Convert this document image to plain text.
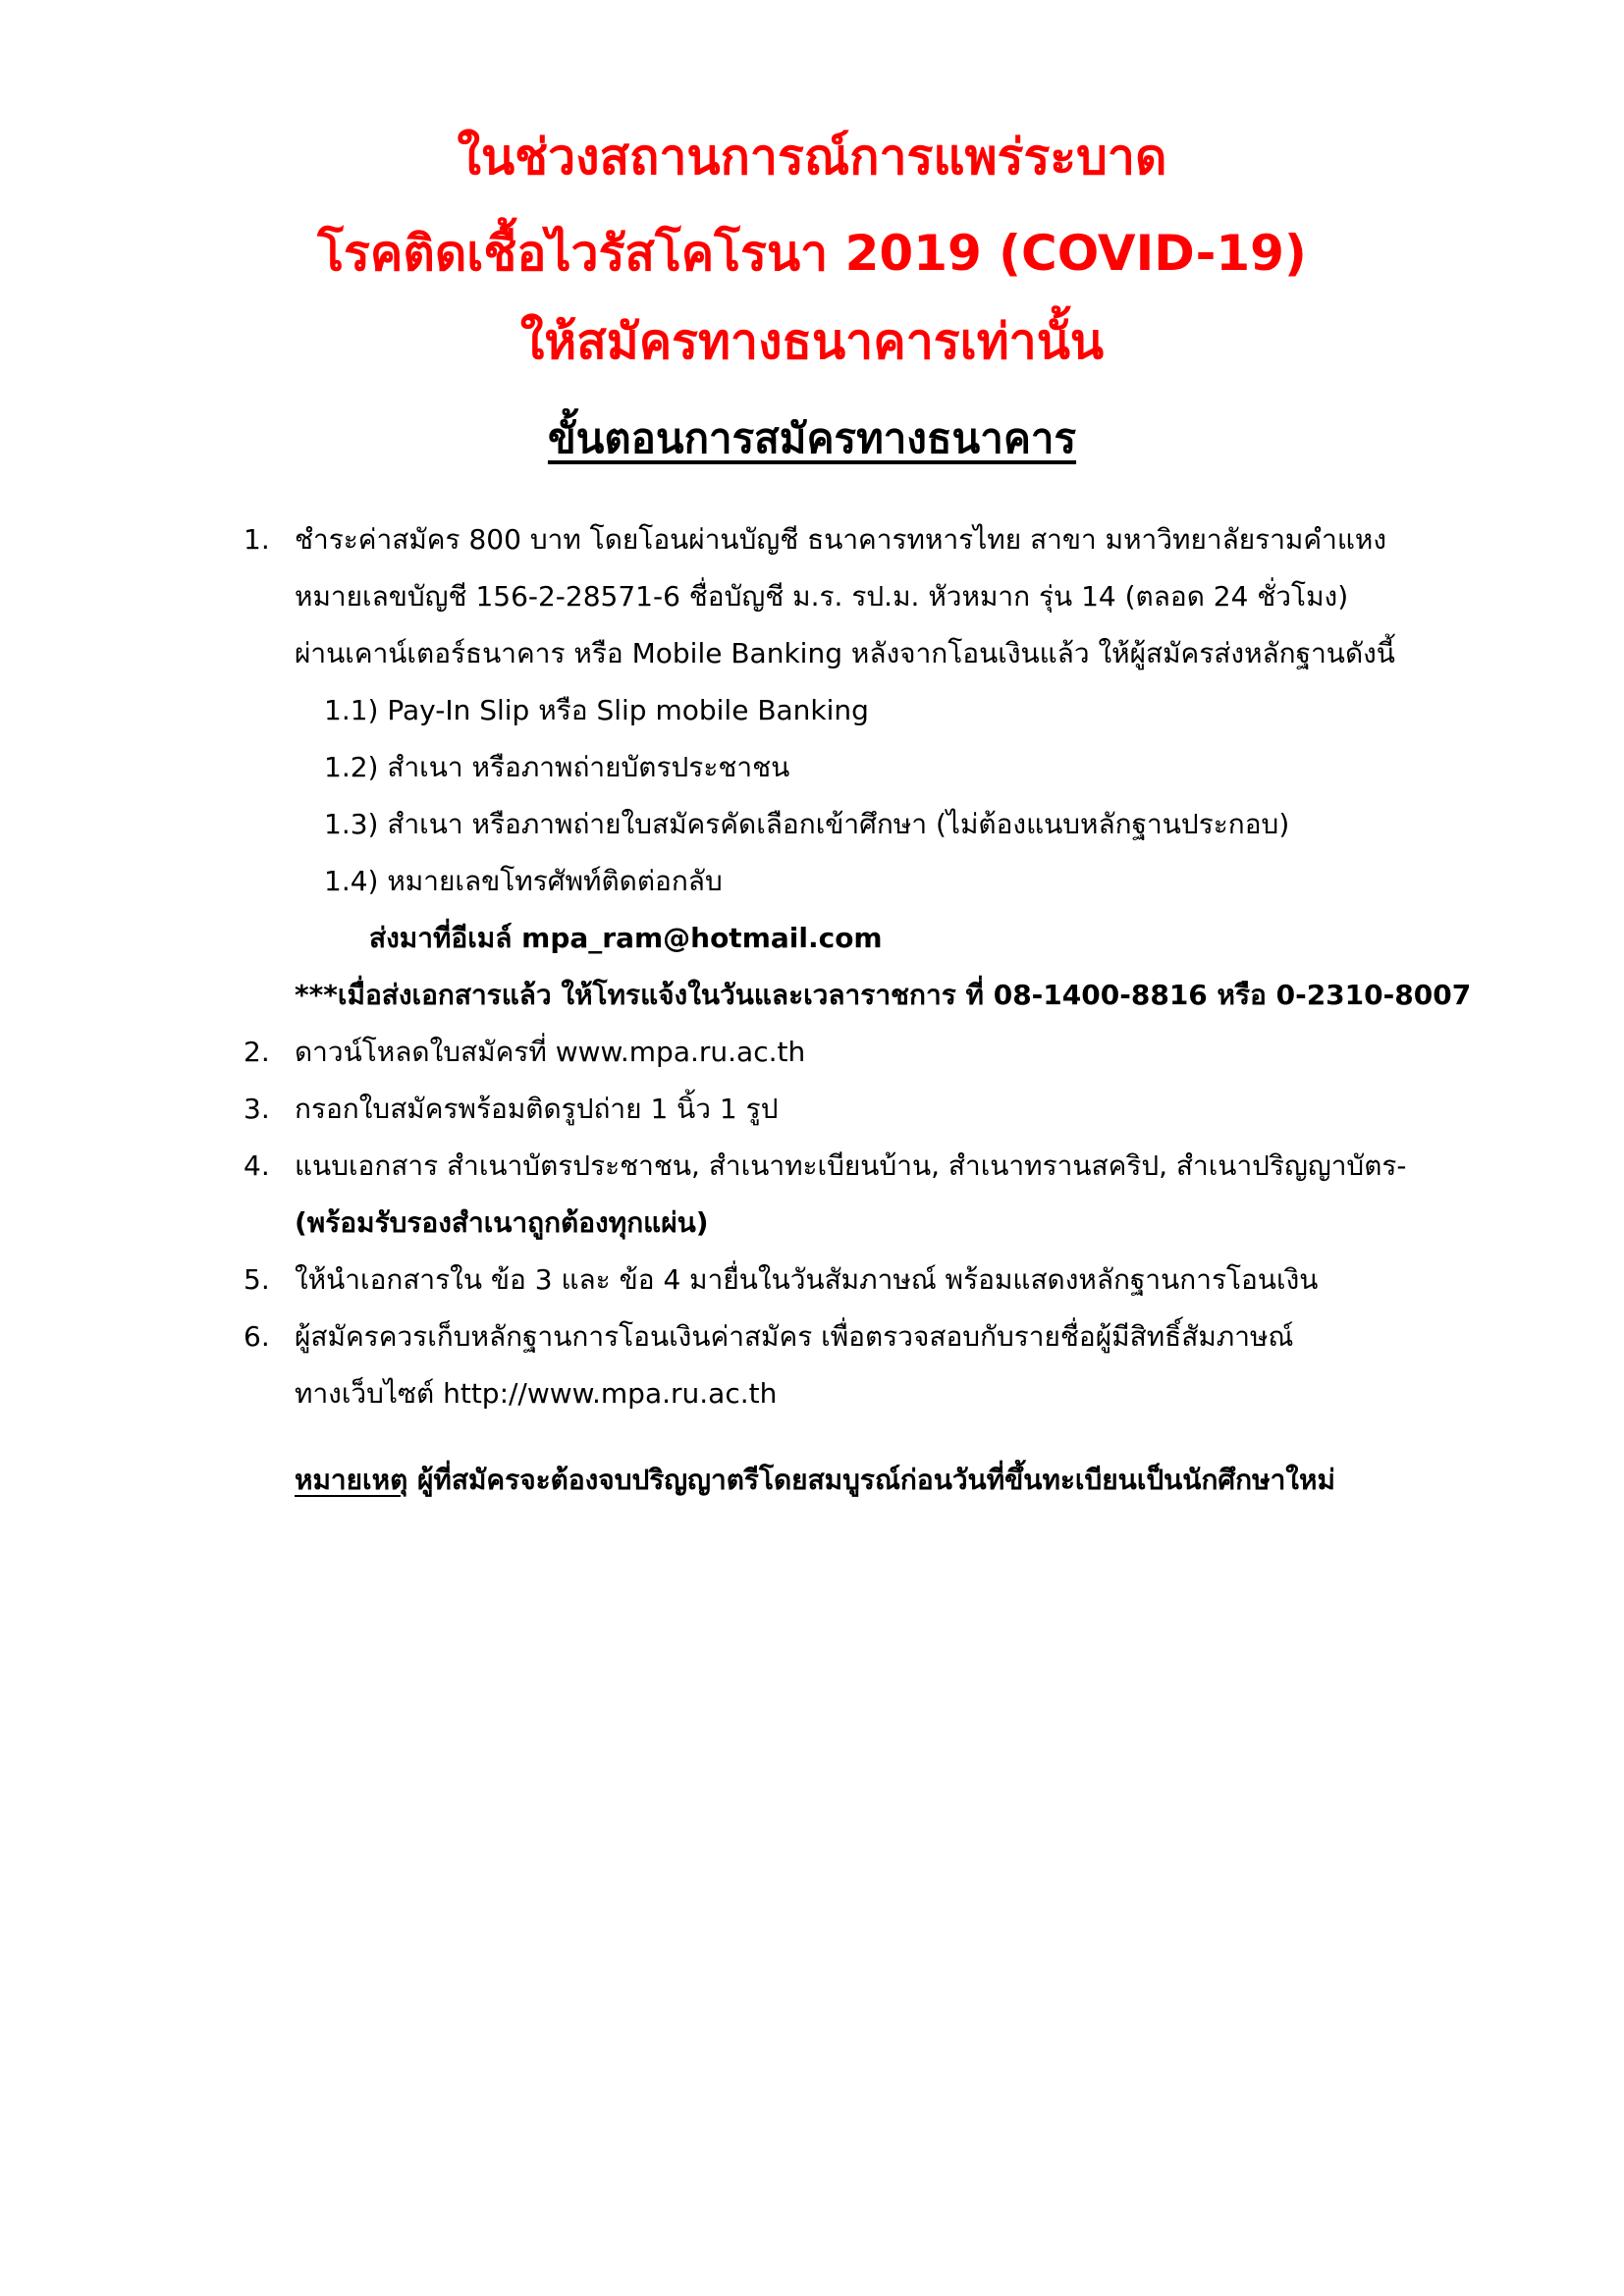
ในช่วงสถานการณ์การแพร่ระบาด
โรคติดเชื้อไวรัสโคโรนา 2019 (COVID-19)
ให้สมัครทางธนาคารเท่านั้น
ขั้นตอนการสมัครทางธนาคาร
1. ชำระค่าสมัคร 800 บาท โดยโอนผ่านบัญชี ธนาคารทหารไทย สาขา มหาวิทยาลัยรามคำแหง
หมายเลขบัญชี 156-2-28571-6 ชื่อบัญชี ม.ร. รป.ม. หัวหมาก รุ่น 14 (ตลอด 24 ชั่วโมง)
ผ่านเคาน์เตอร์ธนาคาร หรือ Mobile Banking หลังจากโอนเงินแล้ว ให้ผู้สมัครส่งหลักฐานดังนี้
1.1) Pay-In Slip หรือ Slip mobile Banking
1.2) สำเนา หรือภาพถ่ายบัตรประชาชน
1.3) สำเนา หรือภาพถ่ายใบสมัครคัดเลือกเข้าศึกษา (ไม่ต้องแนบหลักฐานประกอบ)
1.4) หมายเลขโทรศัพท์ติดต่อกลับ
ส่งมาที่อีเมล์ mpa_ram@hotmail.com
***เมื่อส่งเอกสารแล้ว ให้โทรแจ้งในวันและเวลาราชการ ที่ 08-1400-8816 หรือ 0-2310-8007
2. ดาวน์โหลดใบสมัครที่ www.mpa.ru.ac.th
3. กรอกใบสมัครพร้อมติดรูปถ่าย 1 นิ้ว 1 รูป
4. แนบเอกสาร สำเนาบัตรประชาชน, สำเนาทะเบียนบ้าน, สำเนาทรานสคริป, สำเนาปริญญาบัตร-
(พร้อมรับรองสำเนาถูกต้องทุกแผ่น)
5. ให้นำเอกสารใน ข้อ 3 และ ข้อ 4 มายื่นในวันสัมภาษณ์ พร้อมแสดงหลักฐานการโอนเงิน
6. ผู้สมัครควรเก็บหลักฐานการโอนเงินค่าสมัคร เพื่อตรวจสอบกับรายชื่อผู้มีสิทธิ์สัมภาษณ์
ทางเว็บไซต์ http://www.mpa.ru.ac.th
หมายเหตุ ผู้ที่สมัครจะต้องจบปริญญาตรีโดยสมบูรณ์ก่อนวันที่ขึ้นทะเบียนเป็นนักศึกษาใหม่
